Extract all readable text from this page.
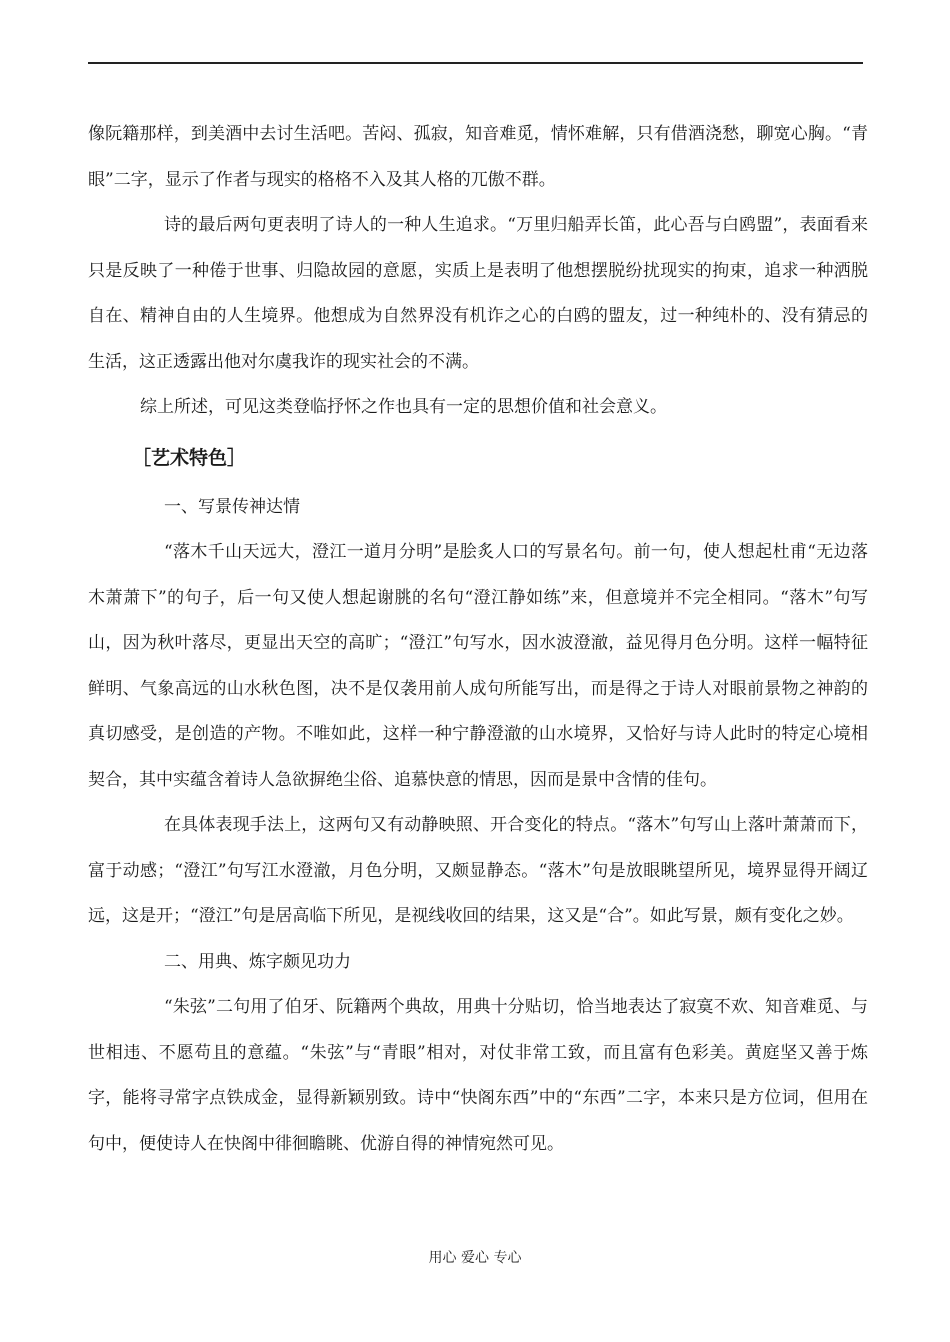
像阮籍那样，到美酒中去讨生活吧。苦闷、孤寂，知音难觅，情怀难解，只有借酒浇愁，聊宽心胸。“青眼”二字，显示了作者与现实的格格不入及其人格的兀傲不群。

诗的最后两句更表明了诗人的一种人生追求。“万里归船弄长笛，此心吾与白鸥盟”，表面看来只是反映了一种倦于世事、归隐故园的意愿，实质上是表明了他想摆脱纷扰现实的拘束，追求一种洒脱自在、精神自由的人生境界。他想成为自然界没有机诈之心的白鸥的盟友，过一种纯朴的、没有猜忌的生活，这正透露出他对尔虞我诈的现实社会的不满。

综上所述，可见这类登临抒怀之作也具有一定的思想价值和社会意义。

［艺术特色］

一、写景传神达情

“落木千山天远大，澄江一道月分明”是脍炙人口的写景名句。前一句，使人想起杜甫“无边落木萧萧下”的句子，后一句又使人想起谢朓的名句“澄江静如练”来，但意境并不完全相同。“落木”句写山，因为秋叶落尽，更显出天空的高旷；“澄江”句写水，因水波澄澈，益见得月色分明。这样一幅特征鲜明、气象高远的山水秋色图，决不是仅袭用前人成句所能写出，而是得之于诗人对眼前景物之神韵的真切感受，是创造的产物。不唯如此，这样一种宁静澄澈的山水境界，又恰好与诗人此时的特定心境相契合，其中实蕴含着诗人急欲摒绝尘俗、追慕快意的情思，因而是景中含情的佳句。

在具体表现手法上，这两句又有动静映照、开合变化的特点。“落木”句写山上落叶萧萧而下，富于动感；“澄江”句写江水澄澈，月色分明，又颇显静态。“落木”句是放眼眺望所见，境界显得开阔辽远，这是开；“澄江”句是居高临下所见，是视线收回的结果，这又是“合”。如此写景，颇有变化之妙。

二、用典、炼字颇见功力

“朱弦”二句用了伯牙、阮籍两个典故，用典十分贴切，恰当地表达了寂寞不欢、知音难觅、与世相违、不愿苟且的意蕴。“朱弦”与“青眼”相对，对仗非常工致，而且富有色彩美。黄庭坚又善于炼字，能将寻常字点铁成金，显得新颖别致。诗中“快阁东西”中的“东西”二字，本来只是方位词，但用在句中，便使诗人在快阁中徘徊瞻眺、优游自得的神情宛然可见。

用心 爱心 专心
